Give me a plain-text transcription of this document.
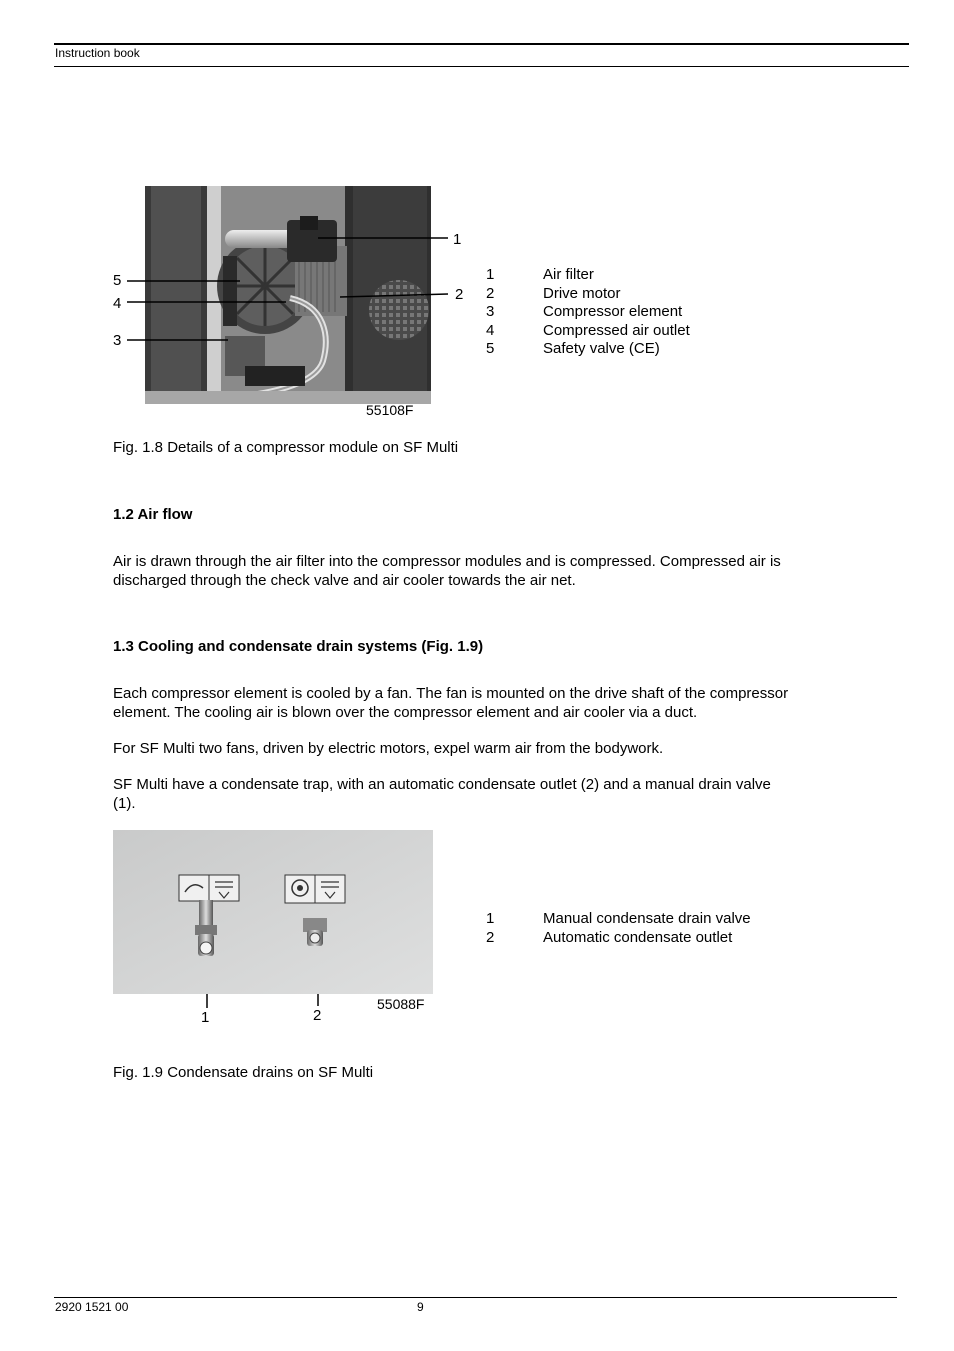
Instruction book
1
2
3
4
5
55108F
1	Air filter
2	Drive motor
3	Compressor element
4	Compressed air outlet
5	Safety valve (CE)
Fig. 1.8 Details of a compressor module on SF Multi
1.2 Air flow
Air is drawn through the air filter into the compressor modules and is compressed. Compressed air is
discharged through the check valve and air cooler towards the air net.
1.3 Cooling and condensate drain systems (Fig. 1.9)
Each compressor element is cooled by a fan. The fan is mounted on the drive shaft of the compressor
element. The cooling air is blown over the compressor element and air cooler via a duct.
For SF Multi two fans, driven by electric motors, expel warm air from the bodywork.
SF Multi have a condensate trap, with an automatic condensate outlet (2) and a manual drain valve
(1).
1	2
55088F
1	Manual condensate drain valve
2	Automatic condensate outlet
Fig. 1.9 Condensate drains on SF Multi
2920 1521 00	9
